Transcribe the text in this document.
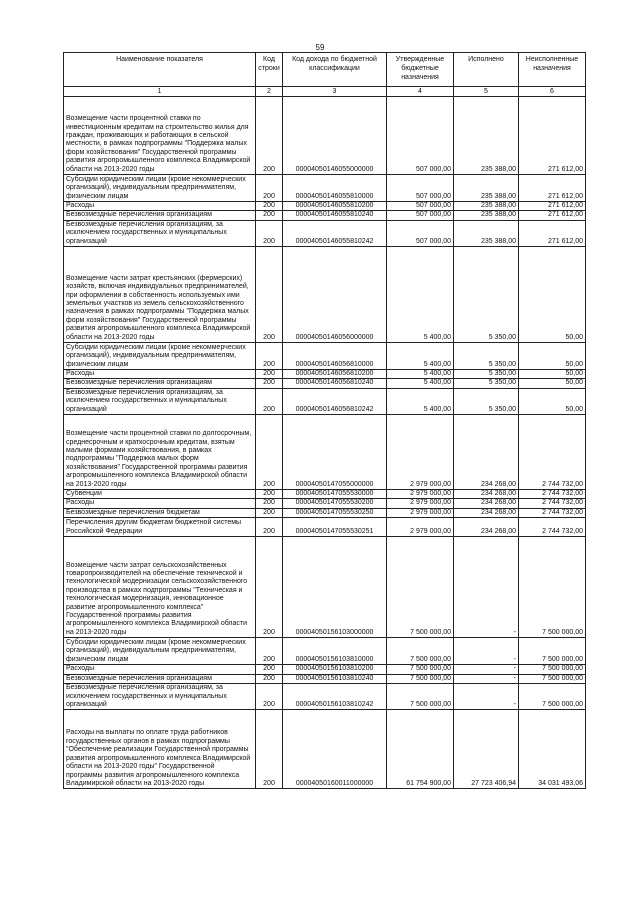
59
Наименование показателя	Код строки	Код дохода по бюджетной классификации	Утвержденные бюджетные назначения	Исполнено	Неисполненные назначения
1	2	3	4	5	6
Возмещение части процентной ставки по инвестиционным кредитам на строительство жилья для граждан, проживающих и работающих в сельской местности, в рамках подпрограммы "Поддержка малых форм хозяйствования" Государственной программы развития агропромышленного комплекса Владимирской области на 2013-2020 годы	200	00004050146055000000	507 000,00	235 388,00	271 612,00
Субсидии юридическим лицам (кроме некоммерческих организаций), индивидуальным предпринимателям, физическим лицам	200	00004050146055810000	507 000,00	235 388,00	271 612,00
Расходы	200	00004050146055810200	507 000,00	235 388,00	271 612,00
Безвозмездные перечисления организациям	200	00004050146055810240	507 000,00	235 388,00	271 612,00
Безвозмездные перечисления организациям, за исключением государственных и муниципальных организаций	200	00004050146055810242	507 000,00	235 388,00	271 612,00
Возмещение части затрат крестьянских (фермерских) хозяйств, включая индивидуальных предпринимателей, при оформлении в собственность используемых ими земельных участков из земель сельскохозяйственного назначения в рамках подпрограммы "Поддержка малых форм хозяйствования" Государственной программы развития агропромышленного комплекса Владимирской области на 2013-2020 годы	200	00004050146056000000	5 400,00	5 350,00	50,00
Субсидии юридическим лицам (кроме некоммерческих организаций), индивидуальным предпринимателям, физическим лицам	200	00004050146056810000	5 400,00	5 350,00	50,00
Расходы	200	00004050146056810200	5 400,00	5 350,00	50,00
Безвозмездные перечисления организациям	200	00004050146056810240	5 400,00	5 350,00	50,00
Безвозмездные перечисления организациям, за исключением государственных и муниципальных организаций	200	00004050146056810242	5 400,00	5 350,00	50,00
Возмещение части процентной ставки по долгосрочным, среднесрочным и краткосрочным кредитам, взятым малыми формами хозяйствования, в рамках подпрограммы "Поддержка малых форм хозяйствования" Государственной программы развития агропромышленного комплекса Владимирской области на 2013-2020 годы	200	00004050147055000000	2 979 000,00	234 268,00	2 744 732,00
Субвенции	200	00004050147055530000	2 979 000,00	234 268,00	2 744 732,00
Расходы	200	00004050147055530200	2 979 000,00	234 268,00	2 744 732,00
Безвозмездные перечисления бюджетам	200	00004050147055530250	2 979 000,00	234 268,00	2 744 732,00
Перечисления другим бюджетам бюджетной системы Российской Федерации	200	00004050147055530251	2 979 000,00	234 268,00	2 744 732,00
Возмещение части затрат сельскохозяйственных товаропроизводителей на обеспечение технической и технологической модернизации сельскохозяйственного производства в рамках подпрограммы "Техническая и технологическая модернизация, инновационное развитие агропромышленного комплекса" Государственной программы развития агропромышленного комплекса Владимирской области на 2013-2020 годы	200	00004050156103000000	7 500 000,00	-	7 500 000,00
Субсидии юридическим лицам (кроме некоммерческих организаций), индивидуальным предпринимателям, физическим лицам	200	00004050156103810000	7 500 000,00	-	7 500 000,00
Расходы	200	00004050156103810200	7 500 000,00	-	7 500 000,00
Безвозмездные перечисления организациям	200	00004050156103810240	7 500 000,00	-	7 500 000,00
Безвозмездные перечисления организациям, за исключением государственных и муниципальных организаций	200	00004050156103810242	7 500 000,00	-	7 500 000,00
Расходы на выплаты по оплате труда работников государственных органов в рамках подпрограммы "Обеспечение реализации Государственной программы развития агропромышленного комплекса Владимирской области на 2013-2020 годы" Государственной программы развития агропромышленного комплекса Владимирской области на 2013-2020 годы	200	00004050160011000000	61 754 900,00	27 723 406,94	34 031 493,06
